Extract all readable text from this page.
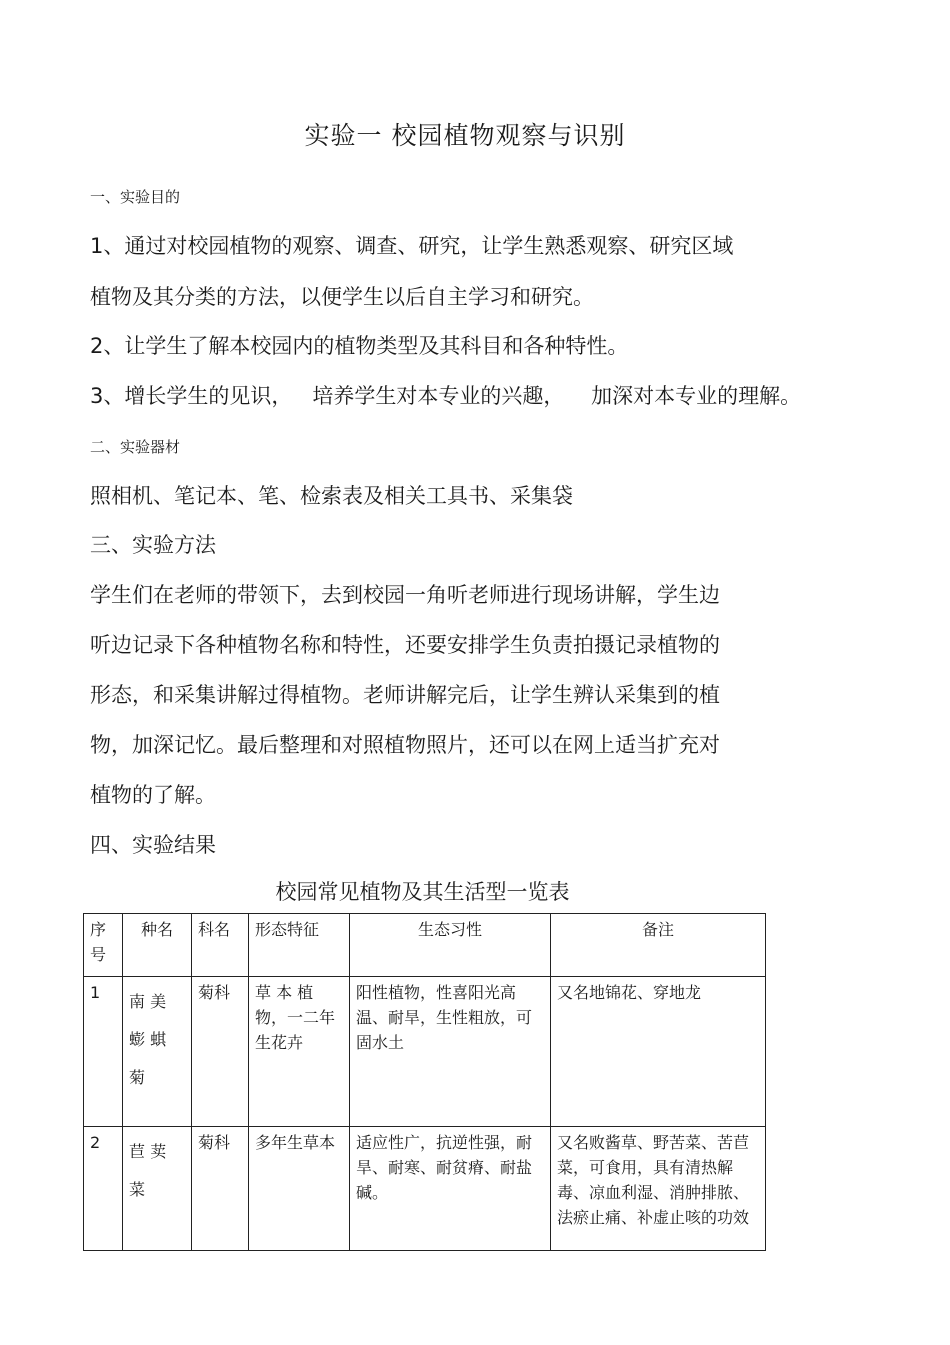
实验一 校园植物观察与识别
一、实验目的
1、通过对校园植物的观察、调查、研究，让学生熟悉观察、研究区域
植物及其分类的方法，以便学生以后自主学习和研究。
2、让学生了解本校园内的植物类型及其科目和各种特性。
3、增长学生的见识，   培养学生对本专业的兴趣，    加深对本专业的理解。
二、实验器材
照相机、笔记本、笔、检索表及相关工具书、采集袋
三、实验方法
学生们在老师的带领下，去到校园一角听老师进行现场讲解，学生边
听边记录下各种植物名称和特性，还要安排学生负责拍摄记录植物的
形态，和采集讲解过得植物。老师讲解完后，让学生辨认采集到的植
物，加深记忆。最后整理和对照植物照片，还可以在网上适当扩充对
植物的了解。
四、实验结果
校园常见植物及其生活型一览表
序号	种名	科名	形态特征	生态习性	备注
1	南 美 蟛 蜞 菊	菊科	草 本 植 物，一二年生花卉	阳性植物，性喜阳光高温、耐旱，生性粗放，可固水土	又名地锦花、穿地龙
2	苣 荬 菜	菊科	多年生草本	适应性广，抗逆性强，耐旱、耐寒、耐贫瘠、耐盐碱。	又名败酱草、野苦菜、苦苣菜，可食用，具有清热解毒、凉血利湿、消肿排脓、法瘀止痛、补虚止咳的功效
